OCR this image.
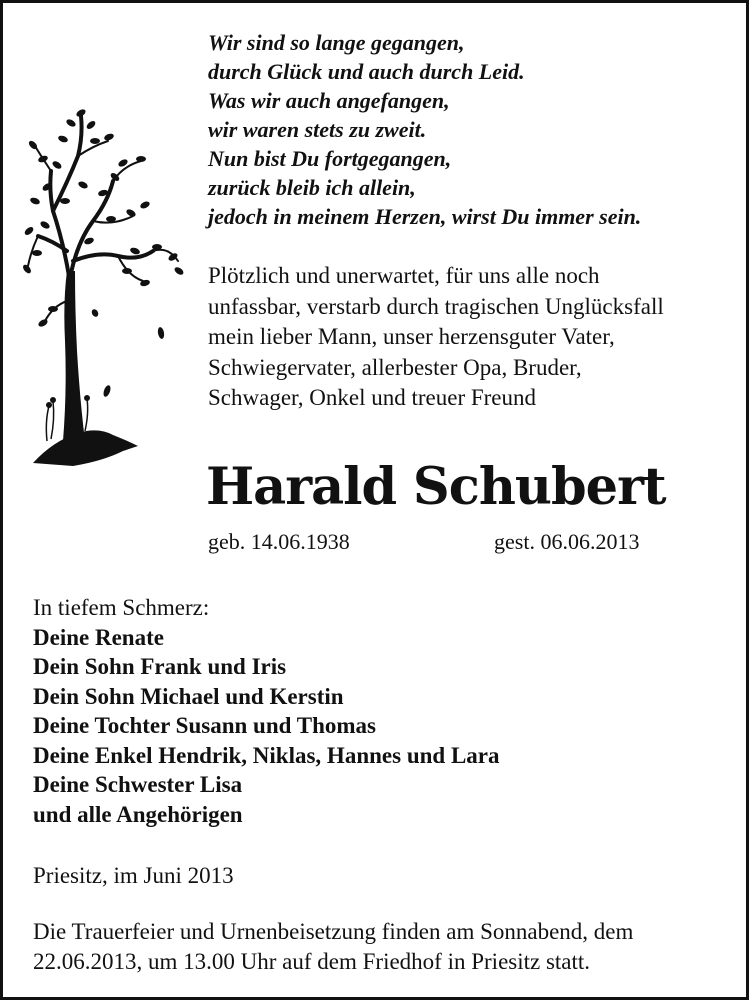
Wir sind so lange gegangen,
durch Glück und auch durch Leid.
Was wir auch angefangen,
wir waren stets zu zweit.
Nun bist Du fortgegangen,
zurück bleib ich allein,
jedoch in meinem Herzen, wirst Du immer sein.
Plötzlich und unerwartet, für uns alle noch
unfassbar, verstarb durch tragischen Unglücksfall
mein lieber Mann, unser herzensguter Vater,
Schwiegervater, allerbester Opa, Bruder,
Schwager, Onkel und treuer Freund
Harald Schubert
geb. 14.06.1938	gest. 06.06.2013
In tiefem Schmerz:
Deine Renate
Dein Sohn Frank und Iris
Dein Sohn Michael und Kerstin
Deine Tochter Susann und Thomas
Deine Enkel Hendrik, Niklas, Hannes und Lara
Deine Schwester Lisa
und alle Angehörigen
Priesitz, im Juni 2013
Die Trauerfeier und Urnenbeisetzung finden am Sonnabend, dem
22.06.2013, um 13.00 Uhr auf dem Friedhof in Priesitz statt.
